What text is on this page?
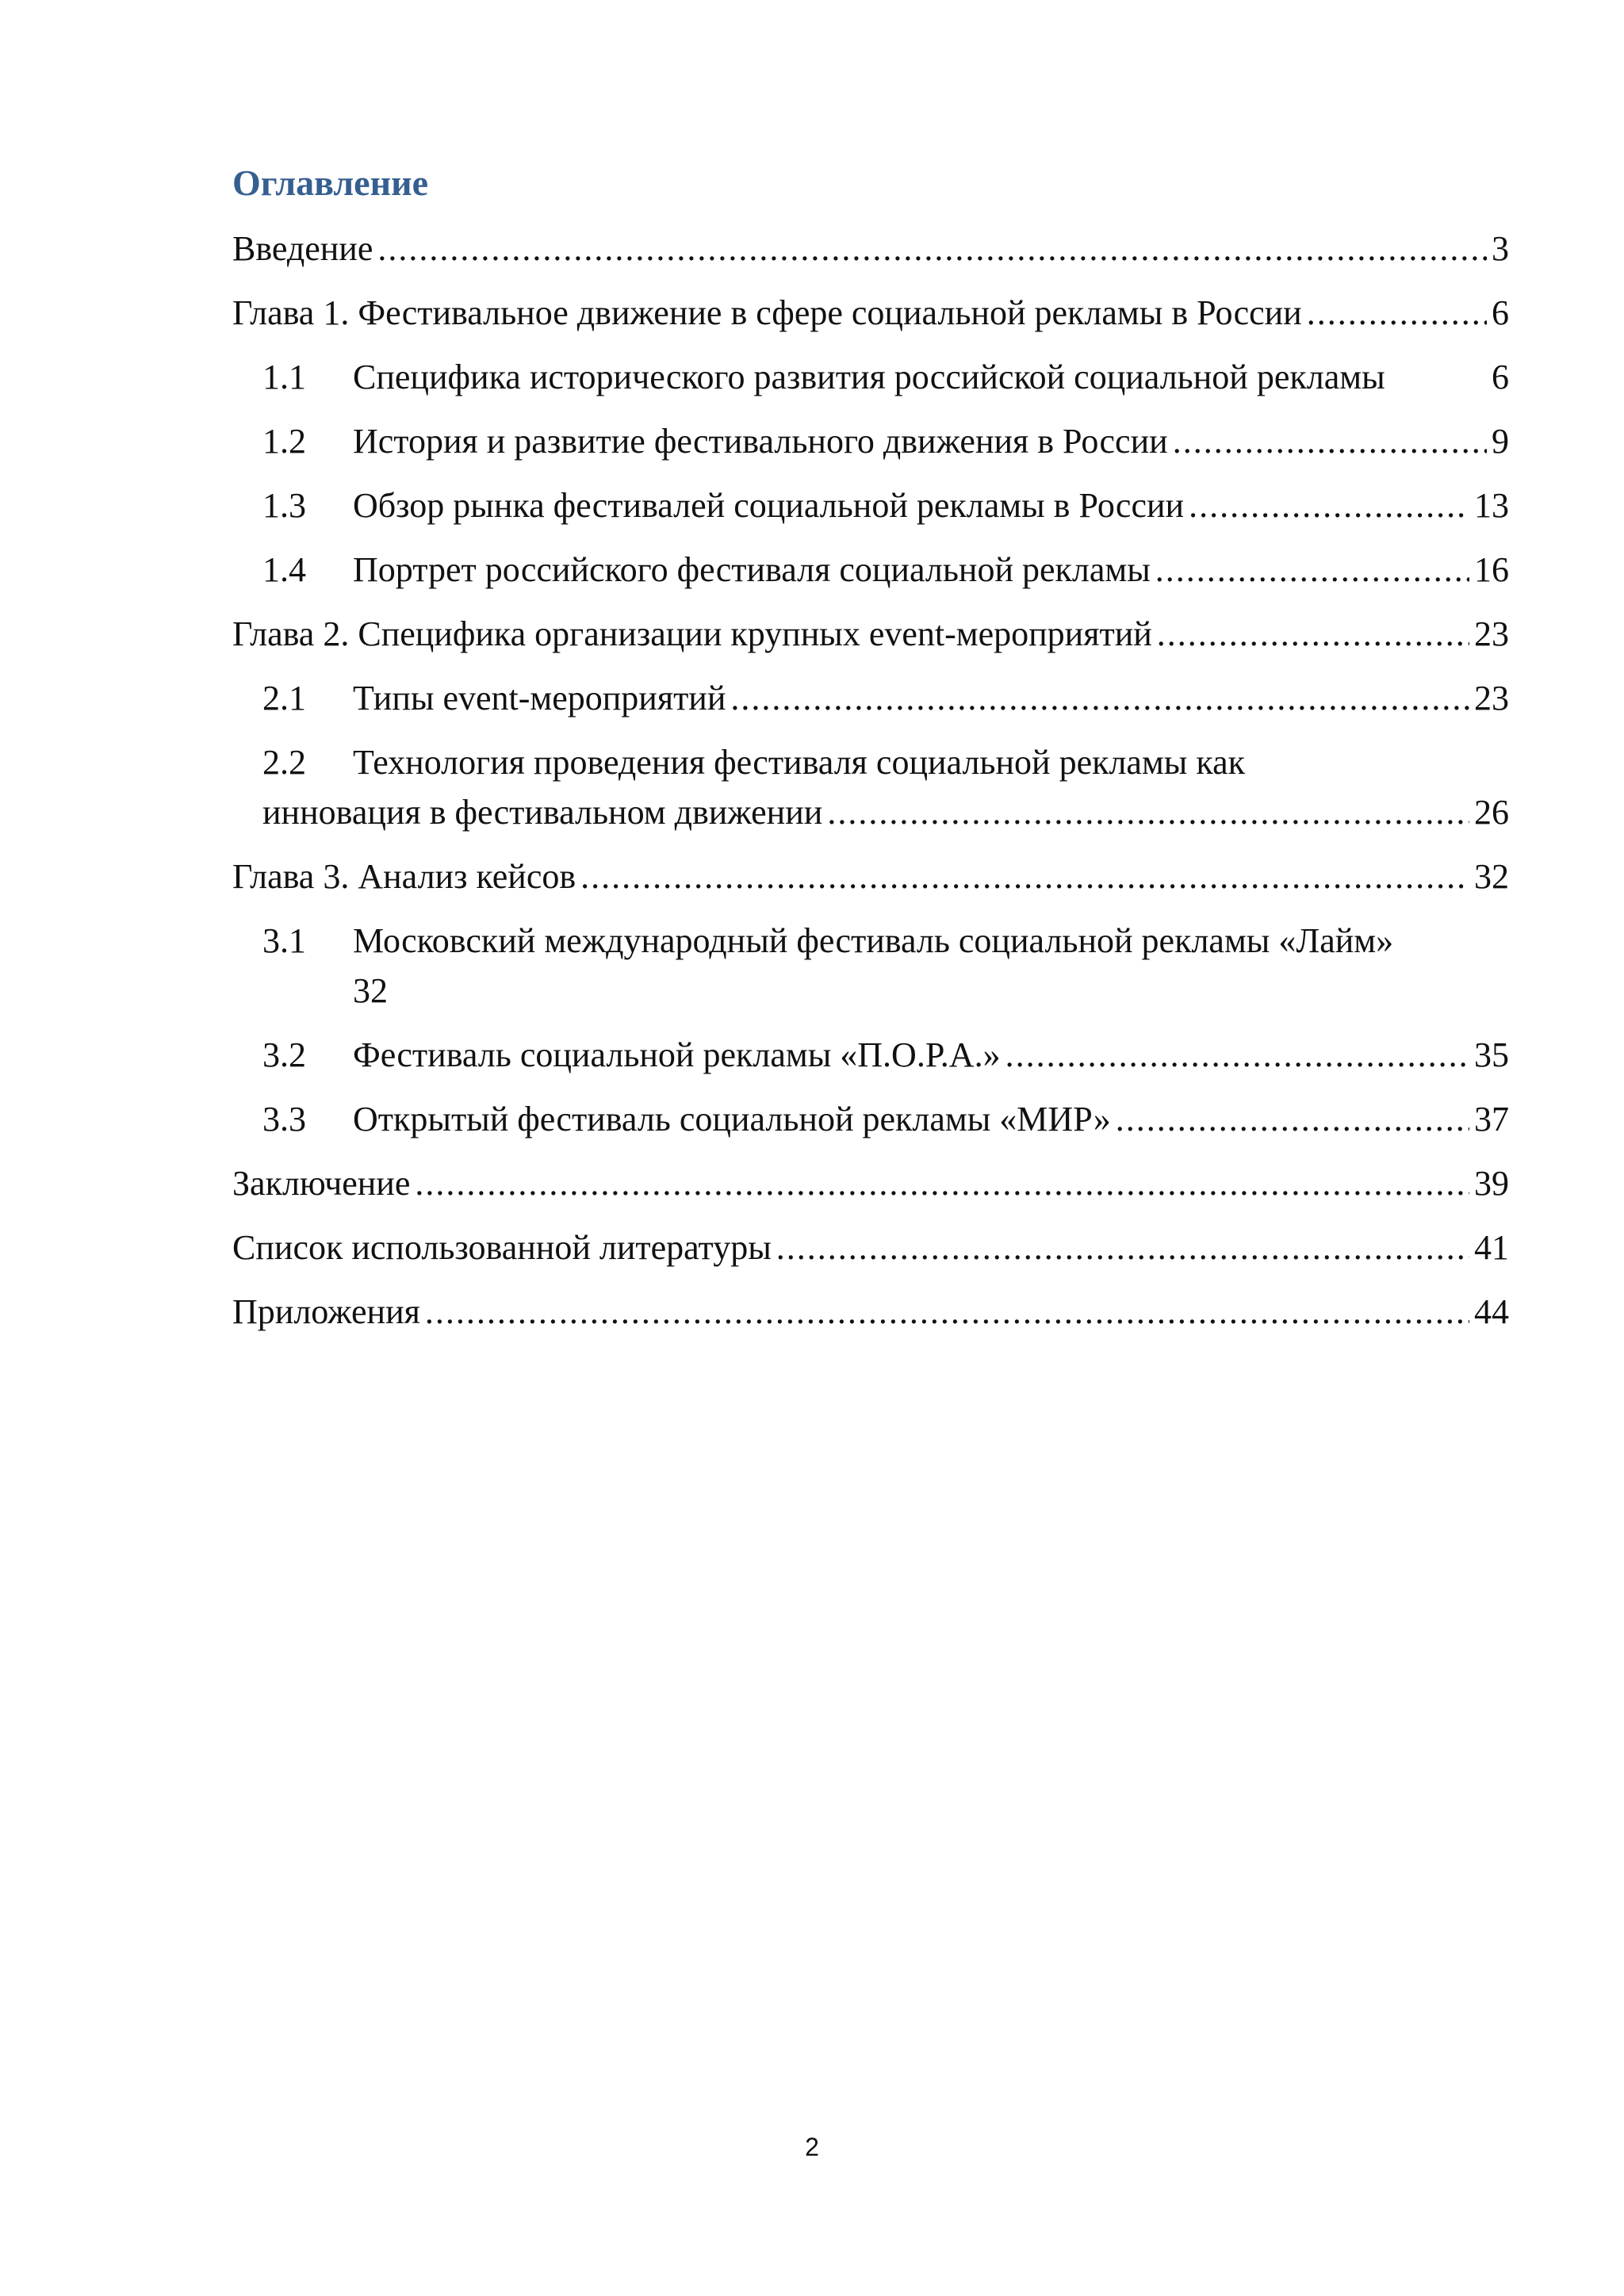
Оглавление
Введение .....	3
Глава 1. Фестивальное движение в сфере социальной рекламы в России .....	6
1.1	Специфика исторического развития российской социальной рекламы	6
1.2	История и развитие фестивального движения в России .....	9
1.3	Обзор рынка фестивалей социальной рекламы в России .....	13
1.4	Портрет российского фестиваля социальной рекламы .....	16
Глава 2. Специфика организации крупных event-мероприятий .....	23
2.1	Типы event-мероприятий .....	23
2.2	Технология проведения фестиваля социальной рекламы как
инновация в фестивальном движении .....	26
Глава 3. Анализ кейсов .....	32
3.1	Московский международный фестиваль социальной рекламы «Лайм»
32
3.2	Фестиваль социальной рекламы «П.О.Р.А.» .....	35
3.3	Открытый фестиваль социальной рекламы «МИР» .....	37
Заключение .....	39
Список использованной литературы .....	41
Приложения .....	44
2
